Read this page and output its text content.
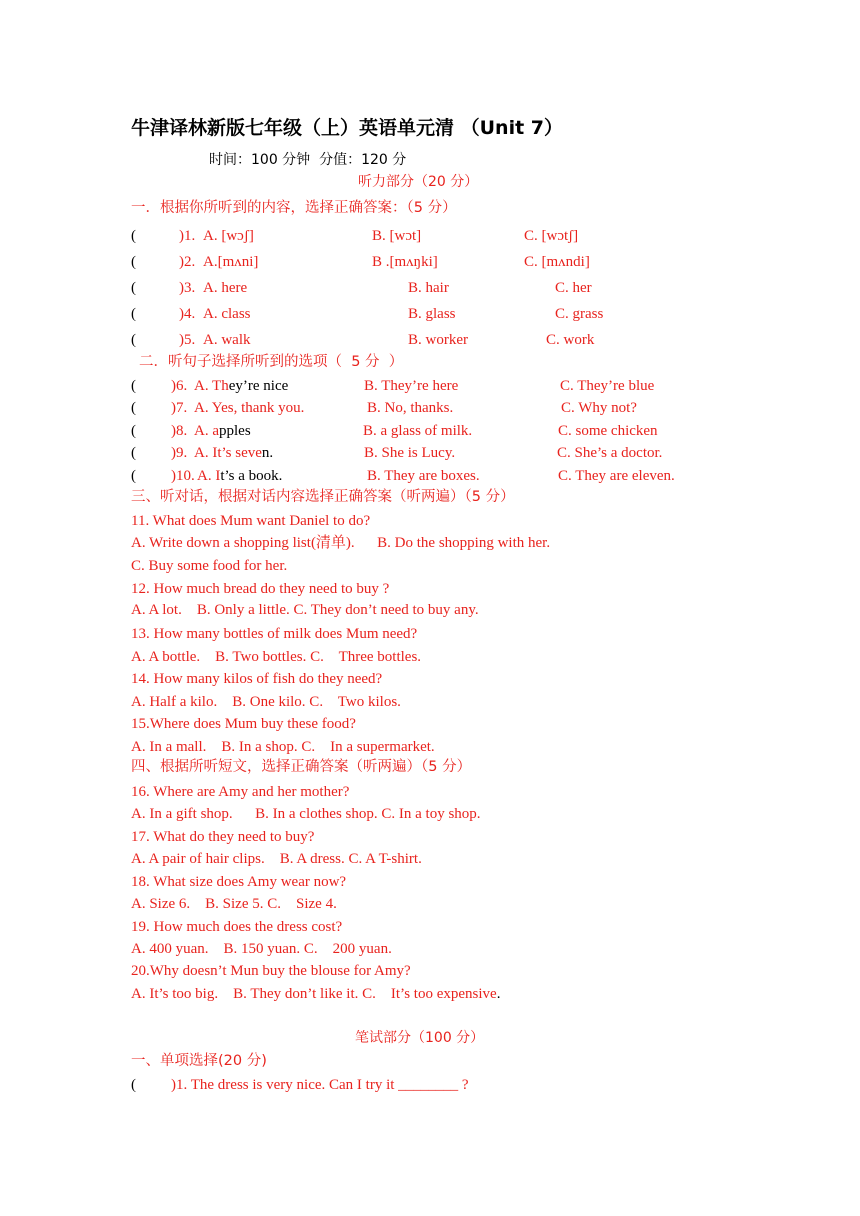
牛津译林新版七年级（上）英语单元清 （Unit 7）
时间：100 分钟  分值：120 分
听力部分（20 分）
一．根据你所听到的内容，选择正确答案：（5 分）
(	)1. A. [wɔʃ]	B. [wɔt]	C. [wɔtʃ]
(	)2. A.[mʌni]	B .[mʌŋki]	C. [mʌndi]
(	)3. A. here	B. hair	C. her
(	)4. A. class	B. glass	C. grass
(	)5. A. walk	B. worker	C. work
二．听句子选择所听到的选项（  5 分  ）
( )6. A. They’re nice	B. They’re here	C. They’re blue
( )7. A. Yes, thank you.	B. No, thanks.	C. Why not?
( )8. A. apples	B. a glass of milk.	C. some chicken
( )9. A. It’s seven.	B. She is Lucy.	C. She’s a doctor.
( )10. A. It’s a book.	B. They are boxes.	C. They are eleven.
三、听对话，根据对话内容选择正确答案（听两遍）（5 分）
11. What does Mum want Daniel to do?
A. Write down a shopping list(清单).      B. Do the shopping with her.
C. Buy some food for her.
12. How much bread do they need to buy ?
A. A lot.    B. Only a little. C. They don’t need to buy any.
13. How many bottles of milk does Mum need?
A. A bottle.    B. Two bottles. C.    Three bottles.
14. How many kilos of fish do they need?
A. Half a kilo.    B. One kilo. C.    Two kilos.
15.Where does Mum buy these food?
A. In a mall.    B. In a shop. C.    In a supermarket.
四、根据所听短文，选择正确答案（听两遍）（5 分）
16. Where are Amy and her mother?
A. In a gift shop.      B. In a clothes shop. C. In a toy shop.
17. What do they need to buy?
A. A pair of hair clips.    B. A dress. C. A T-shirt.
18. What size does Amy wear now?
A. Size 6.    B. Size 5. C.    Size 4.
19. How much does the dress cost?
A. 400 yuan.    B. 150 yuan. C.    200 yuan.
20.Why doesn’t Mun buy the blouse for Amy?
A. It’s too big.    B. They don’t like it. C.    It’s too expensive.
笔试部分（100 分）
一、单项选择(20 分)
( )1. The dress is very nice. Can I try it ________ ?
